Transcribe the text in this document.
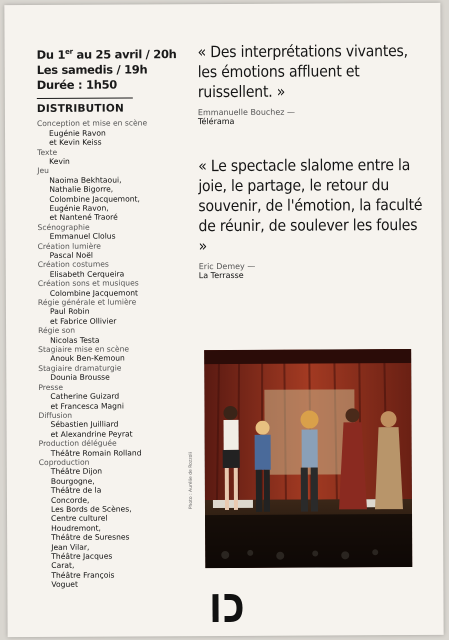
Du 1er au 25 avril / 20h
Les samedis / 19h
Durée : 1h50
DISTRIBUTION
Conception et mise en scène
Eugénie Ravon
et Kevin Keiss
Texte
Kevin
Jeu
Naoima Bekhtaoui,
Nathalie Bigorre,
Colombine Jacquemont,
Eugénie Ravon,
et Nantené Traoré
Scénographie
Emmanuel Clolus
Création lumière
Pascal Noël
Création costumes
Elisabeth Cerqueira
Création sons et musiques
Colombine Jacquemont
Régie générale et lumière
Paul Robin
et Fabrice Ollivier
Régie son
Nicolas Testa
Stagiaire mise en scène
Anouk Ben-Kemoun
Stagiaire dramaturgie
Dounia Brousse
Presse
Catherine Guizard
et Francesca Magni
Diffusion
Sébastien Juilliard
et Alexandrine Peyrat
Production déléguée
Théâtre Romain Rolland
Coproduction
Théâtre Dijon
Bourgogne,
Théâtre de la
Concorde,
Les Bords de Scènes,
Centre culturel
Houdremont,
Théâtre de Suresnes
Jean Vilar,
Théâtre Jacques
Carat,
Théâtre François
Voguet
« Des interprétations vivantes, les émotions affluent et ruissellent. »
Emmanuelle Bouchez —
Télérama
« Le spectacle slalome entre la joie, le partage, le retour du souvenir, de l'émotion, la faculté de réunir, de soulever les foules »
Eric Demey —
La Terrasse
Photo : Aurélie de Rozzoli
